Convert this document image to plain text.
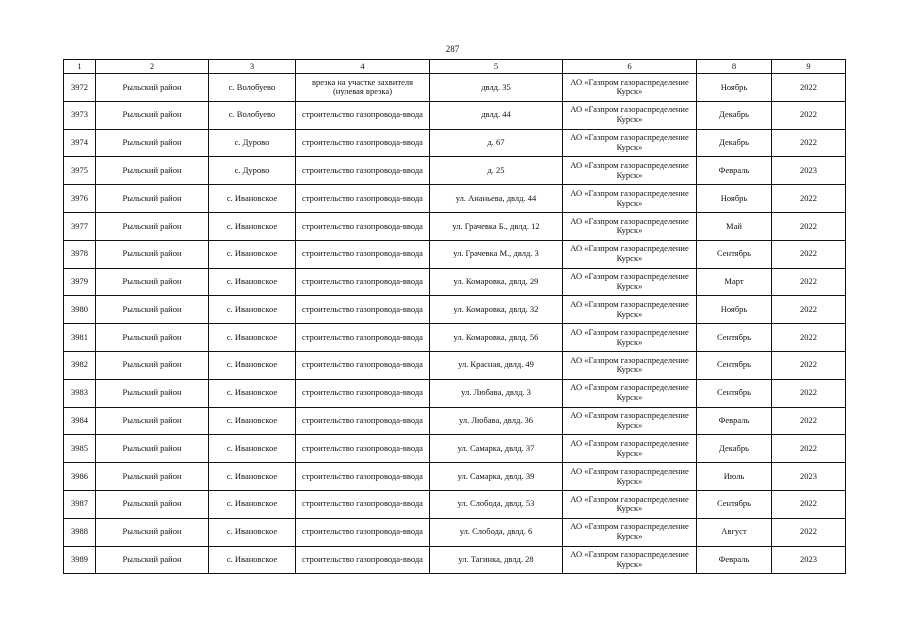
287
1	2	3	4	5	6	8	9
3972	Рыльский район	с. Волобуево	врезка на участке захвителя (нулевая врезка)	двлд. 35	АО «Газпром газораспределение Курск»	Ноябрь	2022
3973	Рыльский район	с. Волобуево	строительство газопровода-ввода	двлд. 44	АО «Газпром газораспределение Курск»	Декабрь	2022
3974	Рыльский район	с. Дурово	строительство газопровода-ввода	д. 67	АО «Газпром газораспределение Курск»	Декабрь	2022
3975	Рыльский район	с. Дурово	строительство газопровода-ввода	д. 25	АО «Газпром газораспределение Курск»	Февраль	2023
3976	Рыльский район	с. Ивановское	строительство газопровода-ввода	ул. Ананьева, двлд. 44	АО «Газпром газораспределение Курск»	Ноябрь	2022
3977	Рыльский район	с. Ивановское	строительство газопровода-ввода	ул. Грачевка Б., двлд. 12	АО «Газпром газораспределение Курск»	Май	2022
3978	Рыльский район	с. Ивановское	строительство газопровода-ввода	ул. Грачевка М., двлд. 3	АО «Газпром газораспределение Курск»	Сентябрь	2022
3979	Рыльский район	с. Ивановское	строительство газопровода-ввода	ул. Комаровка, двлд. 29	АО «Газпром газораспределение Курск»	Март	2022
3980	Рыльский район	с. Ивановское	строительство газопровода-ввода	ул. Комаровка, двлд. 32	АО «Газпром газораспределение Курск»	Ноябрь	2022
3981	Рыльский район	с. Ивановское	строительство газопровода-ввода	ул. Комаровка, двлд. 56	АО «Газпром газораспределение Курск»	Сентябрь	2022
3982	Рыльский район	с. Ивановское	строительство газопровода-ввода	ул. Красная, двлд. 49	АО «Газпром газораспределение Курск»	Сентябрь	2022
3983	Рыльский район	с. Ивановское	строительство газопровода-ввода	ул. Любава, двлд. 3	АО «Газпром газораспределение Курск»	Сентябрь	2022
3984	Рыльский район	с. Ивановское	строительство газопровода-ввода	ул. Любава, двлд. 36	АО «Газпром газораспределение Курск»	Февраль	2022
3985	Рыльский район	с. Ивановское	строительство газопровода-ввода	ул. Самарка, двлд. 37	АО «Газпром газораспределение Курск»	Декабрь	2022
3986	Рыльский район	с. Ивановское	строительство газопровода-ввода	ул. Самарка, двлд. 39	АО «Газпром газораспределение Курск»	Июль	2023
3987	Рыльский район	с. Ивановское	строительство газопровода-ввода	ул. Слобода, двлд. 53	АО «Газпром газораспределение Курск»	Сентябрь	2022
3988	Рыльский район	с. Ивановское	строительство газопровода-ввода	ул. Слобода, двлд. 6	АО «Газпром газораспределение Курск»	Август	2022
3989	Рыльский район	с. Ивановское	строительство газопровода-ввода	ул. Тагинка, двлд. 28	АО «Газпром газораспределение Курск»	Февраль	2023
